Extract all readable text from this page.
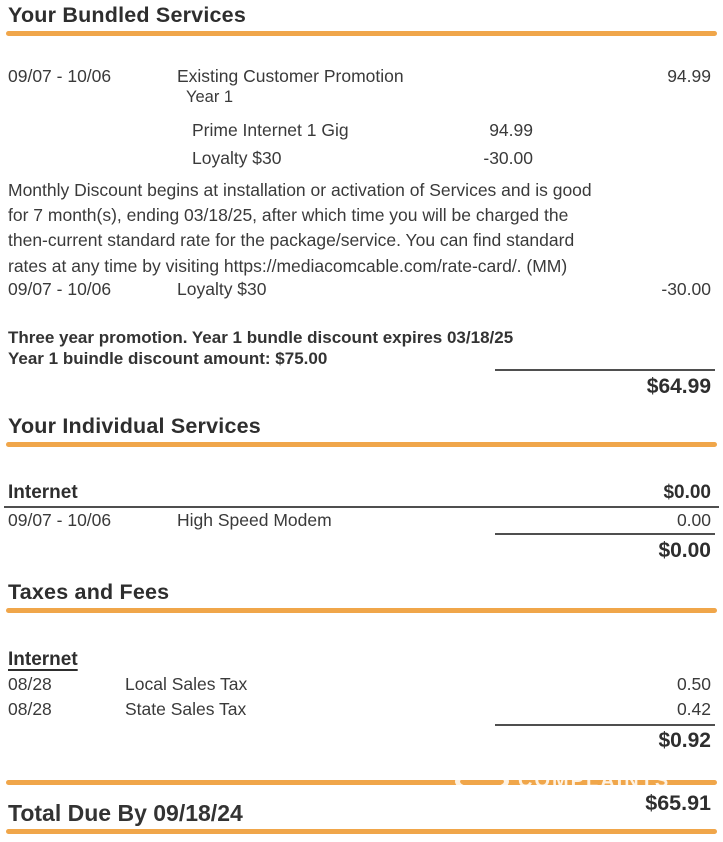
Your Bundled Services
09/07 - 10/06	Existing Customer Promotion	94.99
Year 1
Prime Internet 1 Gig	94.99
Loyalty $30	-30.00
Monthly Discount begins at installation or activation of Services and is good
for 7 month(s), ending 03/18/25, after which time you will be charged the
then-current standard rate for the package/service. You can find standard
rates at any time by visiting https://mediacomcable.com/rate-card/. (MM)
09/07 - 10/06	Loyalty $30	-30.00
Three year promotion. Year 1 bundle discount expires 03/18/25
Year 1 buindle discount amount: $75.00
$64.99
Your Individual Services
Internet	$0.00
09/07 - 10/06	High Speed Modem	0.00
$0.00
Taxes and Fees
Internet
08/28	Local Sales Tax	0.50
08/28	State Sales Tax	0.42
$0.92
COMPLAINTS
Total Due By 09/18/24	$65.91
